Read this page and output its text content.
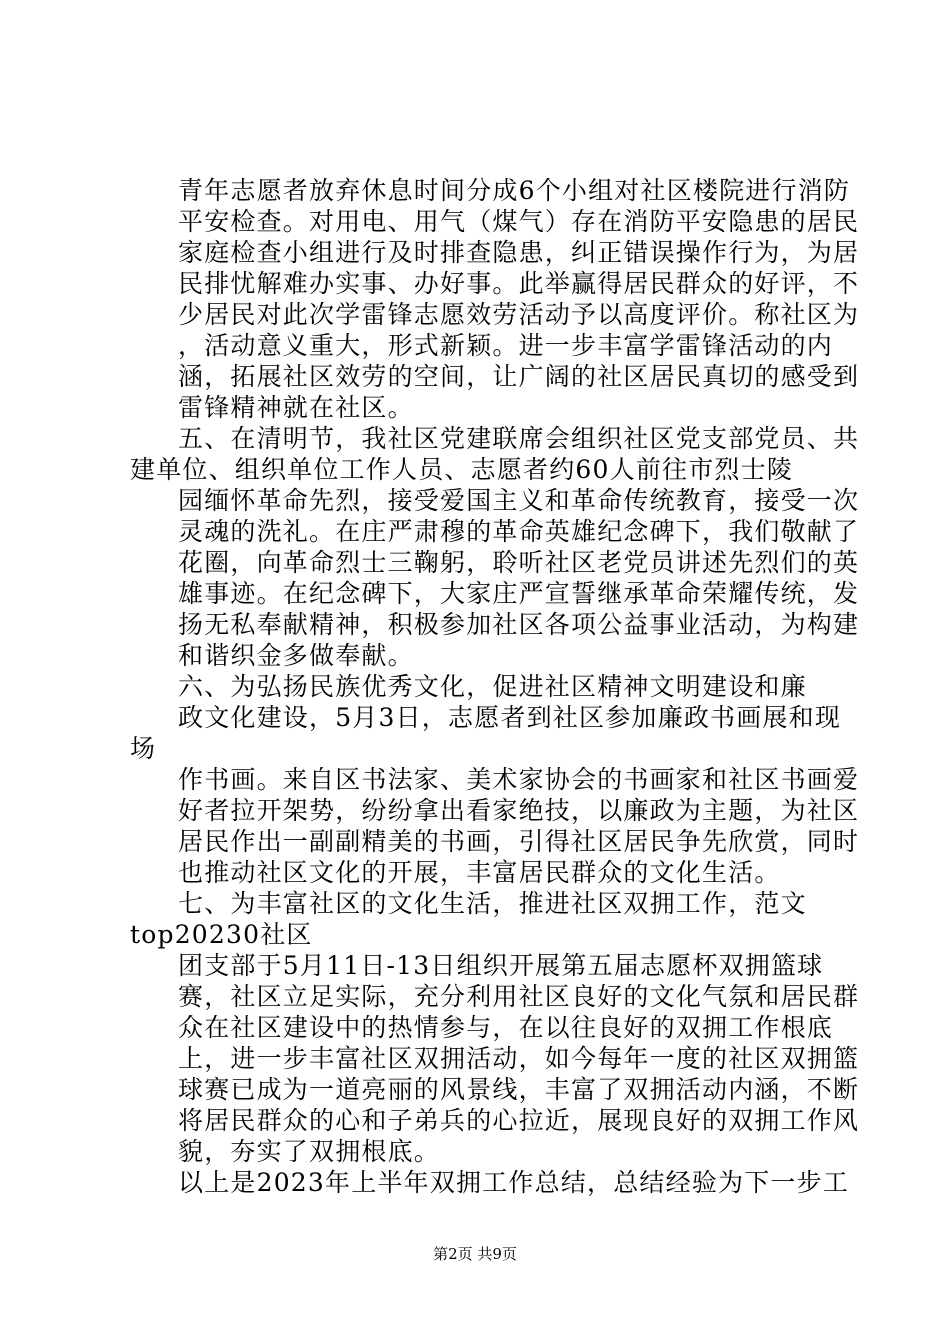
青年志愿者放弃休息时间分成6个小组对社区楼院进行消防
平安检查。对用电、用气（煤气）存在消防平安隐患的居民
家庭检查小组进行及时排查隐患，纠正错误操作行为，为居
民排忧解难办实事、办好事。此举赢得居民群众的好评，不
少居民对此次学雷锋志愿效劳活动予以高度评价。称社区为
，活动意义重大，形式新颖。进一步丰富学雷锋活动的内
涵，拓展社区效劳的空间，让广阔的社区居民真切的感受到
雷锋精神就在社区。
五、在清明节，我社区党建联席会组织社区党支部党员、共
建单位、组织单位工作人员、志愿者约60人前往市烈士陵
园缅怀革命先烈，接受爱国主义和革命传统教育，接受一次
灵魂的洗礼。在庄严肃穆的革命英雄纪念碑下，我们敬献了
花圈，向革命烈士三鞠躬，聆听社区老党员讲述先烈们的英
雄事迹。在纪念碑下，大家庄严宣誓继承革命荣耀传统，发
扬无私奉献精神，积极参加社区各项公益事业活动，为构建
和谐织金多做奉献。
六、为弘扬民族优秀文化，促进社区精神文明建设和廉
政文化建设，5月3日，志愿者到社区参加廉政书画展和现
场
作书画。来自区书法家、美术家协会的书画家和社区书画爱
好者拉开架势，纷纷拿出看家绝技，以廉政为主题，为社区
居民作出一副副精美的书画，引得社区居民争先欣赏，同时
也推动社区文化的开展，丰富居民群众的文化生活。
七、为丰富社区的文化生活，推进社区双拥工作，范文
top20230社区
团支部于5月11日-13日组织开展第五届志愿杯双拥篮球
赛，社区立足实际，充分利用社区良好的文化气氛和居民群
众在社区建设中的热情参与，在以往良好的双拥工作根底
上，进一步丰富社区双拥活动，如今每年一度的社区双拥篮
球赛已成为一道亮丽的风景线，丰富了双拥活动内涵，不断
将居民群众的心和子弟兵的心拉近，展现良好的双拥工作风
貌，夯实了双拥根底。
以上是2023年上半年双拥工作总结，总结经验为下一步工
第2页 共9页
